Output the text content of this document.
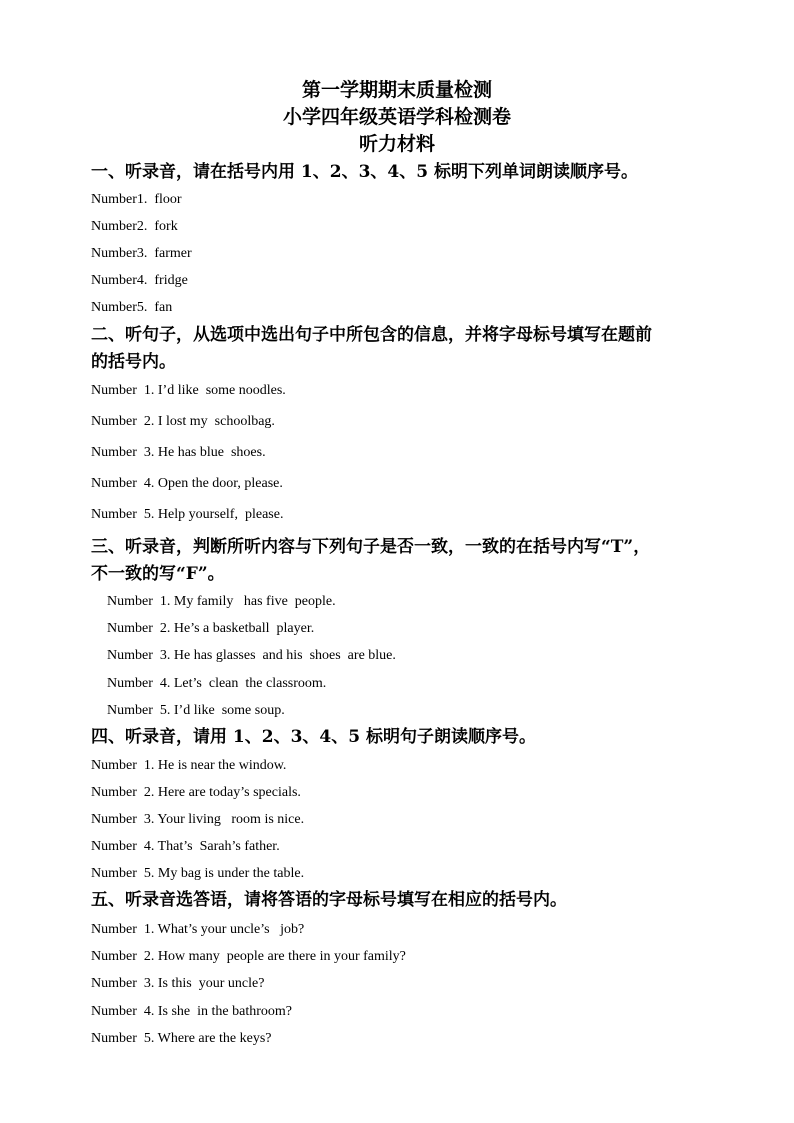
第一学期期末质量检测
小学四年级英语学科检测卷
听力材料
一、听录音，请在括号内用 1、2、3、4、5 标明下列单词朗读顺序号。
Number1.  floor
Number2.  fork
Number3.  farmer
Number4.  fridge
Number5.  fan
二、听句子，从选项中选出句子中所包含的信息，并将字母标号填写在题前
的括号内。
Number  1. I’d like  some noodles.
Number  2. I lost my  schoolbag.
Number  3. He has blue  shoes.
Number  4. Open the door, please.
Number  5. Help yourself,  please.
三、听录音，判断所听内容与下列句子是否一致，一致的在括号内写“T”，
不一致的写“F”。
Number  1. My family   has five  people.
Number  2. He’s a basketball  player.
Number  3. He has glasses  and his  shoes  are blue.
Number  4. Let’s  clean  the classroom.
Number  5. I’d like  some soup.
四、听录音，请用 1、2、3、4、5 标明句子朗读顺序号。
Number  1. He is near the window.
Number  2. Here are today’s specials.
Number  3. Your living   room is nice.
Number  4. That’s  Sarah’s father.
Number  5. My bag is under the table.
五、听录音选答语，请将答语的字母标号填写在相应的括号内。
Number  1. What’s your uncle’s   job?
Number  2. How many  people are there in your family?
Number  3. Is this  your uncle?
Number  4. Is she  in the bathroom?
Number  5. Where are the keys?
